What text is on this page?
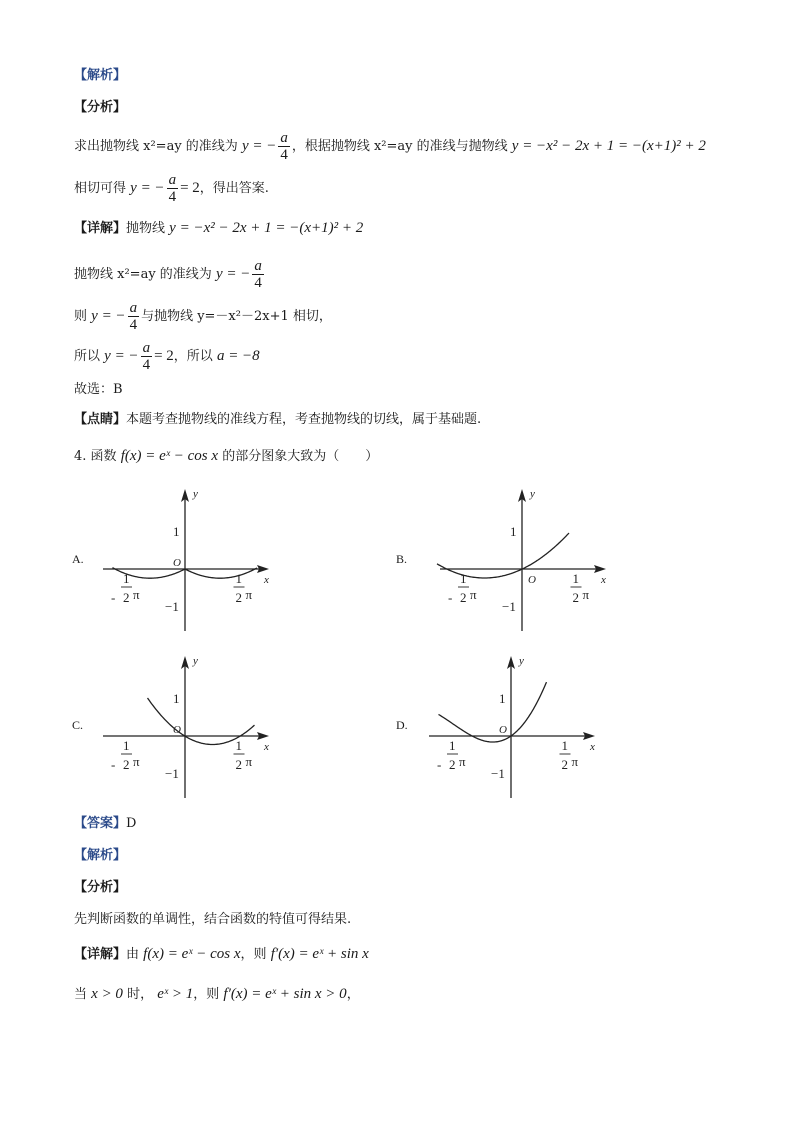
【解析】
【分析】
求出抛物线 x²=ay 的准线为 y = − $\frac{a}{4}$ ，根据抛物线 x²=ay 的准线与抛物线 y = −x² − 2x + 1 = −(x+1)² + 2
相切可得 y = − $\frac{a}{4} = 2$，得出答案.
【详解】抛物线 y = −x² − 2x + 1 = −(x+1)² + 2
抛物线 x²=ay 的准线为 y = − $\frac{a}{4}$
则 y = − $\frac{a}{4}$ 与抛物线 y=－x²－2x+1 相切，
所以 y = − $\frac{a}{4} = 2$，所以 a = −8
故选：B
【点睛】本题考查抛物线的准线方程，考查抛物线的切线，属于基础题.
4. 函数 f(x) = eˣ − cos x 的部分图象大致为（　　）
y
x
O
1
−1
1
- 2 π
1
2 π
A.
y
x
O
1
−1
1
- 2 π
1
2 π
B.
y
x
O
1
−1
1
- 2 π
1
2 π
C.
y
x
O
1
−1
1
- 2 π
1
2 π
D.
【答案】D
【解析】
【分析】
先判断函数的单调性，结合函数的特值可得结果.
【详解】由 f(x) = eˣ − cos x，则 f′(x) = eˣ + sin x
当 x > 0 时， eˣ > 1，则 f′(x) = eˣ + sin x > 0，
